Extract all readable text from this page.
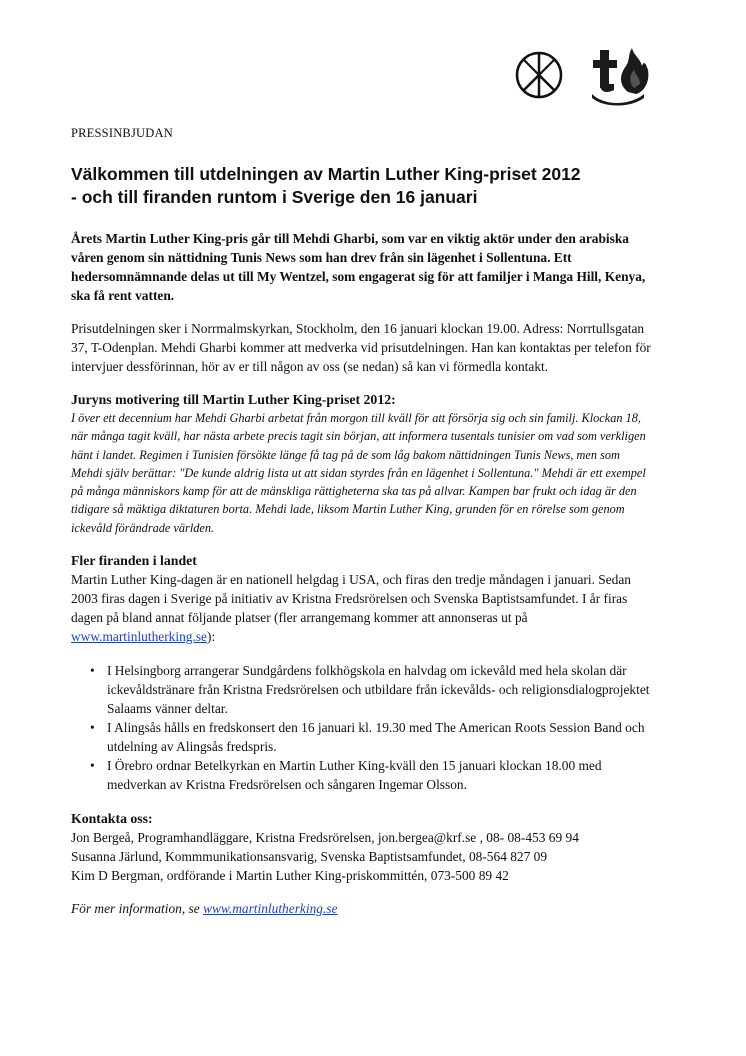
PRESSINBJUDAN
Välkommen till utdelningen av Martin Luther King-priset 2012
- och till firanden runtom i Sverige den 16 januari

Årets Martin Luther King-pris går till Mehdi Gharbi, som var en viktig aktör under den arabiska våren genom sin nättidning Tunis News som han drev från sin lägenhet i Sollentuna. Ett hedersomnämnande delas ut till My Wentzel, som engagerat sig för att familjer i Manga Hill, Kenya, ska få rent vatten.

Prisutdelningen sker i Norrmalmskyrkan, Stockholm, den 16 januari klockan 19.00. Adress: Norrtullsgatan 37, T-Odenplan. Mehdi Gharbi kommer att medverka vid prisutdelningen. Han kan kontaktas per telefon för intervjuer dessförinnan, hör av er till någon av oss (se nedan) så kan vi förmedla kontakt.

Juryns motivering till Martin Luther King-priset 2012:

I över ett decennium har Mehdi Gharbi arbetat från morgon till kväll för att försörja sig och sin familj. Klockan 18, när många tagit kväll, har nästa arbete precis tagit sin början, att informera tusentals tunisier om vad som verkligen hänt i landet. Regimen i Tunisien försökte länge få tag på de som låg bakom nättidningen Tunis News, men som Mehdi själv berättar: "De kunde aldrig lista ut att sidan styrdes från en lägenhet i Sollentuna." Mehdi är ett exempel på många människors kamp för att de mänskliga rättigheterna ska tas på allvar. Kampen bar frukt och idag är den tidigare så mäktiga diktaturen borta. Mehdi lade, liksom Martin Luther King, grunden för en rörelse som genom ickevåld förändrade världen.

Fler firanden i landet

Martin Luther King-dagen är en nationell helgdag i USA, och firas den tredje måndagen i januari. Sedan 2003 firas dagen i Sverige på initiativ av Kristna Fredsrörelsen och Svenska Baptistsamfundet. I år firas dagen på bland annat följande platser (fler arrangemang kommer att annonseras ut på www.martinlutherking.se):

• I Helsingborg arrangerar Sundgårdens folkhögskola en halvdag om ickevåld med hela skolan där ickevåldstränare från Kristna Fredsrörelsen och utbildare från ickevålds- och religionsdialogprojektet Salaams vänner deltar.
• I Alingsås hålls en fredskonsert den 16 januari kl. 19.30 med The American Roots Session Band och utdelning av Alingsås fredspris.
• I Örebro ordnar Betelkyrkan en Martin Luther King-kväll den 15 januari klockan 18.00 med medverkan av Kristna Fredsrörelsen och sångaren Ingemar Olsson.
Kontakta oss:
Jon Bergeå, Programhandläggare, Kristna Fredsrörelsen, jon.bergea@krf.se , 08- 08-453 69 94
Susanna Järlund, Kommmunikationsansvarig, Svenska Baptistsamfundet, 08-564 827 09
Kim D Bergman, ordförande i Martin Luther King-priskommittén, 073-500 89 42

För mer information, se www.martinlutherking.se
